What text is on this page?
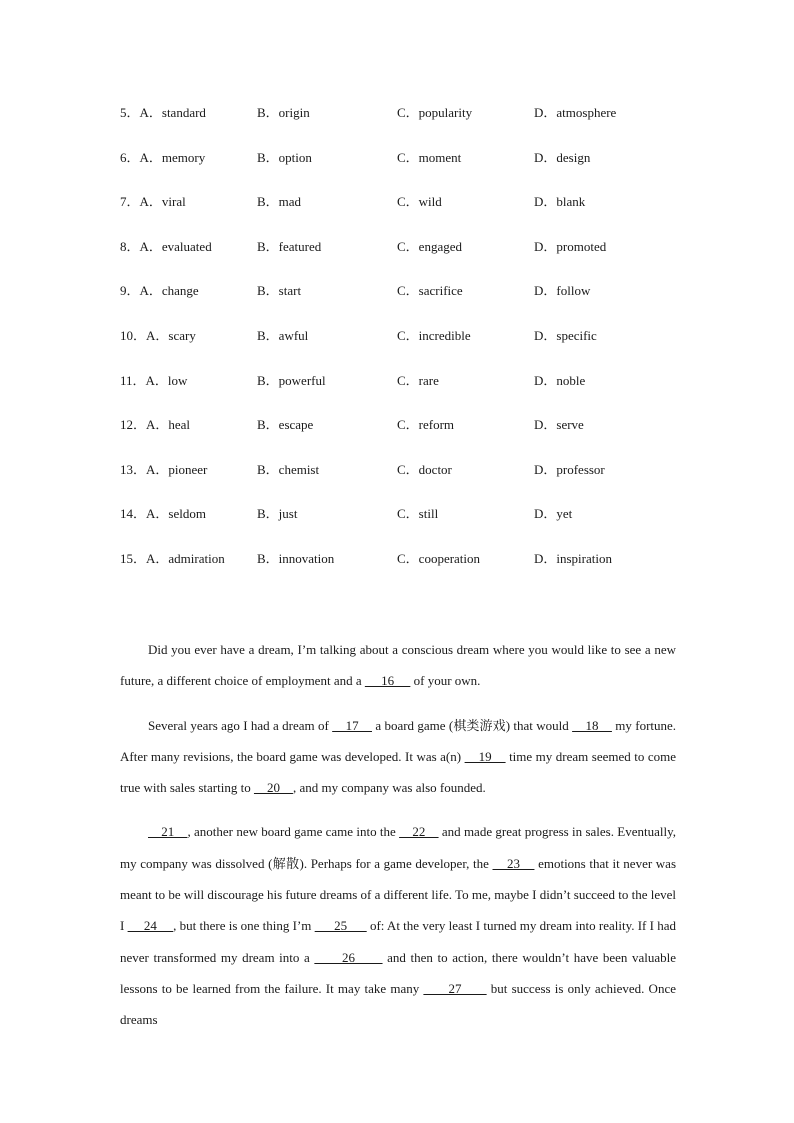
5．A．standard	B．origin	C．popularity	D．atmosphere
6．A．memory	B．option	C．moment	D．design
7．A．viral	B．mad	C．wild	D．blank
8．A．evaluated	B．featured	C．engaged	D．promoted
9．A．change	B．start	C．sacrifice	D．follow
10．A．scary	B．awful	C．incredible	D．specific
11．A．low	B．powerful	C．rare	D．noble
12．A．heal	B．escape	C．reform	D．serve
13．A．pioneer	B．chemist	C．doctor	D．professor
14．A．seldom	B．just	C．still	D．yet
15．A．admiration B．innovation	C．cooperation	D．inspiration

Did you ever have a dream, I’m talking about a conscious dream where you would like to see a new future, a different choice of employment and a      16      of your own.

Several years ago I had a dream of     17     a board game (棋类游戏) that would     18     my fortune. After many revisions, the board game was developed. It was a(n)     19     time my dream seemed to come true with sales starting to     20    , and my company was also founded.

21    , another new board game came into the     22     and made great progress in sales. Eventually, my company was dissolved (解散). Perhaps for a game developer, the     23     emotions that it never was meant to be will discourage his future dreams of a different life. To me, maybe I didn’t succeed to the level I      24     , but there is one thing I’m       25       of: At the very least I turned my dream into reality. If I had never transformed my dream into a       26       and then to action, there wouldn’t have been valuable lessons to be learned from the failure. It may take many       27       but success is only achieved. Once dreams
